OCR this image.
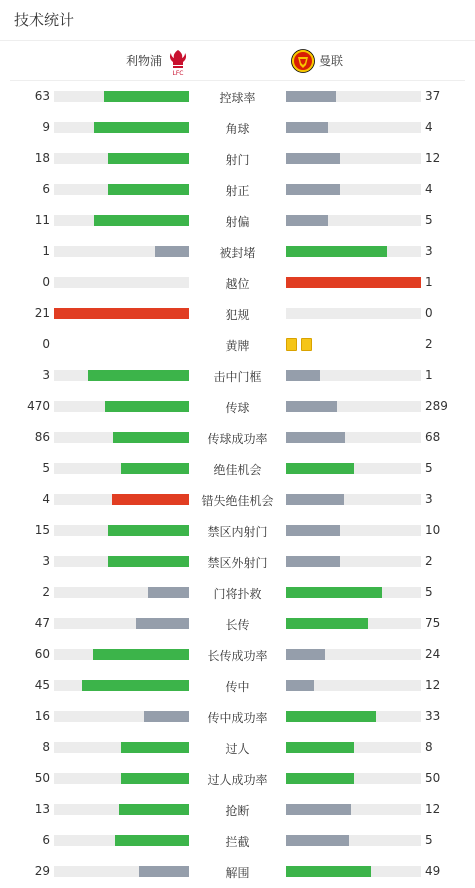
技术统计
利物浦
LFC
曼联
63	控球率	37
9	角球	4
18	射门	12
6	射正	4
11	射偏	5
1	被封堵	3
0	越位	1
21	犯规	0
0	黄牌	2
3	击中门框	1
470	传球	289
86	传球成功率	68
5	绝佳机会	5
4	错失绝佳机会	3
15	禁区内射门	10
3	禁区外射门	2
2	门将扑救	5
47	长传	75
60	长传成功率	24
45	传中	12
16	传中成功率	33
8	过人	8
50	过人成功率	50
13	抢断	12
6	拦截	5
29	解围	49
